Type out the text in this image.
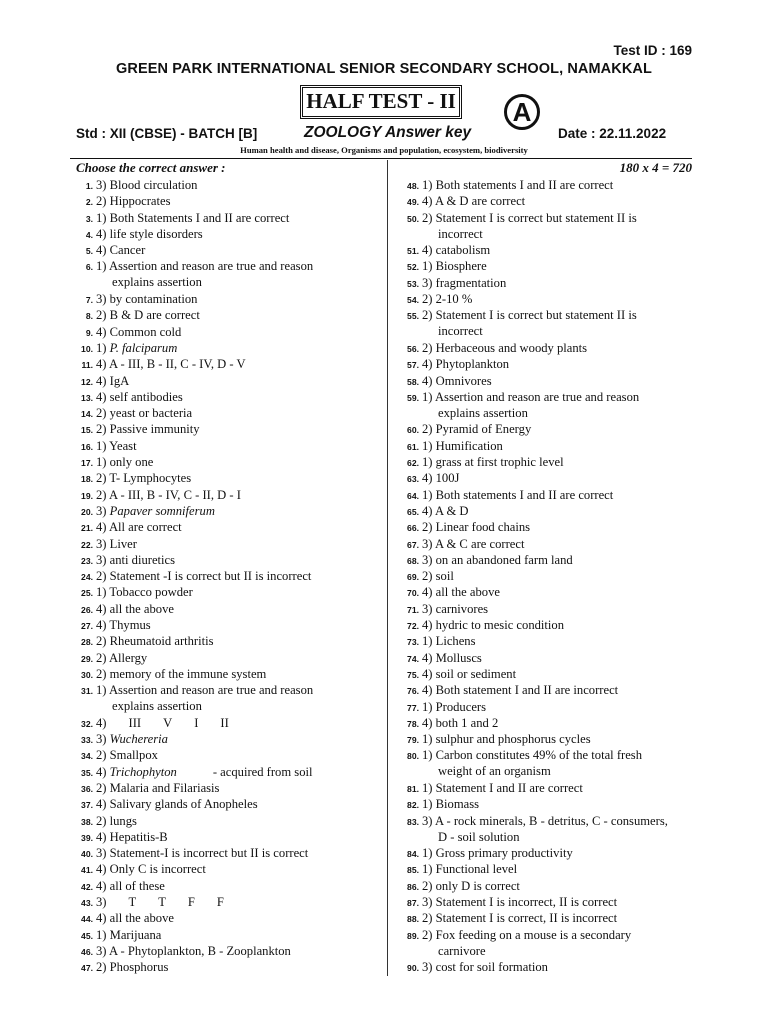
Test ID : 169
GREEN PARK INTERNATIONAL SENIOR SECONDARY SCHOOL, NAMAKKAL
HALF TEST - II	A
Std : XII (CBSE) - BATCH [B]	ZOOLOGY Answer key	Date : 22.11.2022
Human health and disease, Organisms and population, ecosystem, biodiversity
Choose the correct answer :	180 x 4 = 720
1. 3) Blood circulation
2. 2) Hippocrates
3. 1) Both Statements I and II are correct
4. 4) life style disorders
5. 4) Cancer
6. 1) Assertion and reason are true and reason
explains assertion
7. 3) by contamination
8. 2) B & D are correct
9. 4) Common cold
10. 1) P. falciparum
11. 4) A - III, B - II, C - IV, D - V
12. 4) IgA
13. 4) self antibodies
14. 2) yeast or bacteria
15. 2) Passive immunity
16. 1) Yeast
17. 1) only one
18. 2) T- Lymphocytes
19. 2) A - III, B - IV, C - II, D - I
20. 3) Papaver somniferum
21. 4) All are correct
22. 3) Liver
23. 3) anti diuretics
24. 2) Statement -I is correct but II is incorrect
25. 1) Tobacco powder
26. 4) all the above
27. 4) Thymus
28. 2) Rheumatoid arthritis
29. 2) Allergy
30. 2) memory of the immune system
31. 1) Assertion and reason are true and reason
explains assertion
32. 4) III V I II
33. 3) Wuchereria
34. 2) Smallpox
35. 4) Trichophyton	- acquired from soil
36. 2) Malaria and Filariasis
37. 4) Salivary glands of Anopheles
38. 2) lungs
39. 4) Hepatitis-B
40. 3) Statement-I is incorrect but II is correct
41. 4) Only C is incorrect
42. 4) all of these
43. 3) T T F F
44. 4) all the above
45. 1) Marijuana
46. 3) A - Phytoplankton, B - Zooplankton
47. 2) Phosphorus
48. 1) Both statements I and II are correct
49. 4) A & D are correct
50. 2) Statement I is correct but statement II is
incorrect
51. 4) catabolism
52. 1) Biosphere
53. 3) fragmentation
54. 2) 2-10 %
55. 2) Statement I is correct but statement II is
incorrect
56. 2) Herbaceous and woody plants
57. 4) Phytoplankton
58. 4) Omnivores
59. 1) Assertion and reason are true and reason
explains assertion
60. 2) Pyramid of Energy
61. 1) Humification
62. 1) grass at first trophic level
63. 4) 100J
64. 1) Both statements I and II are correct
65. 4) A & D
66. 2) Linear food chains
67. 3) A & C are correct
68. 3) on an abandoned farm land
69. 2) soil
70. 4) all the above
71. 3) carnivores
72. 4) hydric to mesic condition
73. 1) Lichens
74. 4) Molluscs
75. 4) soil or sediment
76. 4) Both statement I and II are incorrect
77. 1) Producers
78. 4) both 1 and 2
79. 1) sulphur and phosphorus cycles
80. 1) Carbon constitutes 49% of the total fresh
weight of an organism
81. 1) Statement I and II are correct
82. 1) Biomass
83. 3) A - rock minerals, B - detritus, C - consumers,
D - soil solution
84. 1) Gross primary productivity
85. 1) Functional level
86. 2) only D is correct
87. 3) Statement I is incorrect, II is correct
88. 2) Statement I is correct, II is incorrect
89. 2) Fox feeding on a mouse is a secondary
carnivore
90. 3) cost for soil formation
